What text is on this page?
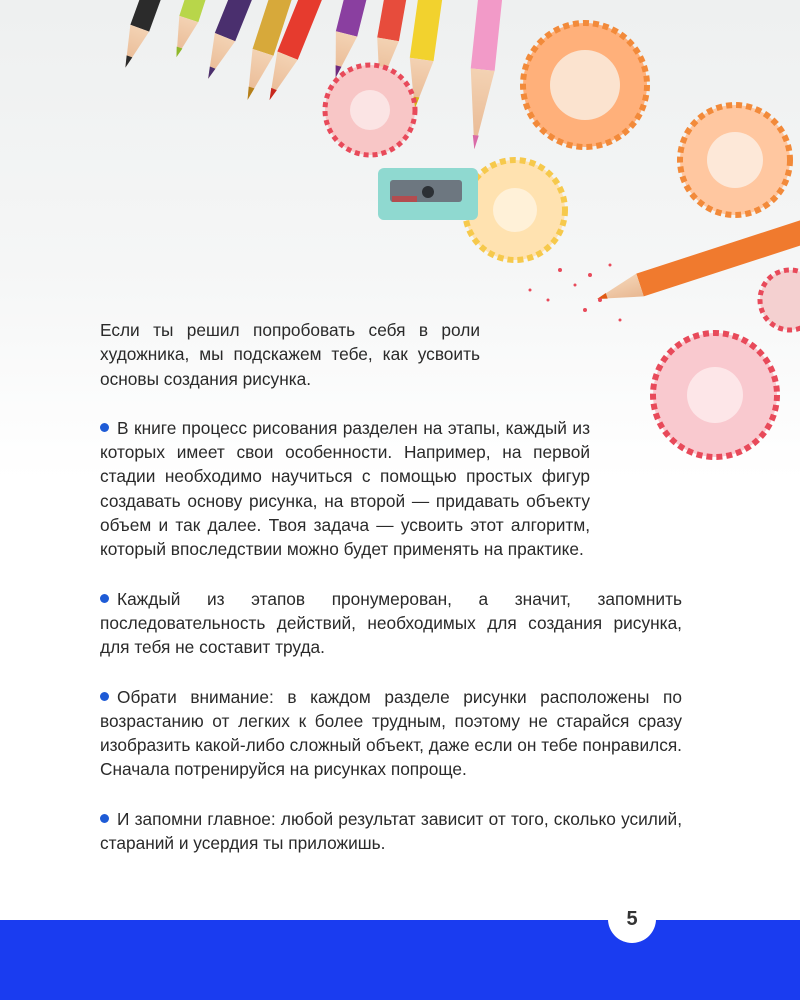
Если ты решил попробовать себя в роли художника, мы подскажем тебе, как усвоить основы создания рисунка.

В книге процесс рисования разделен на этапы, каждый из которых имеет свои особенности. Например, на первой стадии необходимо научиться с помощью простых фигур создавать основу рисунка, на второй — придавать объекту объем и так далее. Твоя задача — усвоить этот алгоритм, который впоследствии можно будет применять на практике.

Каждый из этапов пронумерован, а значит, запомнить последовательность действий, необходимых для создания рисунка, для тебя не составит труда.

Обрати внимание: в каждом разделе рисунки расположены по возрастанию от легких к более трудным, поэтому не старайся сразу изобразить какой-либо сложный объект, даже если он тебе понравился. Сначала потренируйся на рисунках попроще.

И запомни главное: любой результат зависит от того, сколько усилий, стараний и усердия ты приложишь.

5
